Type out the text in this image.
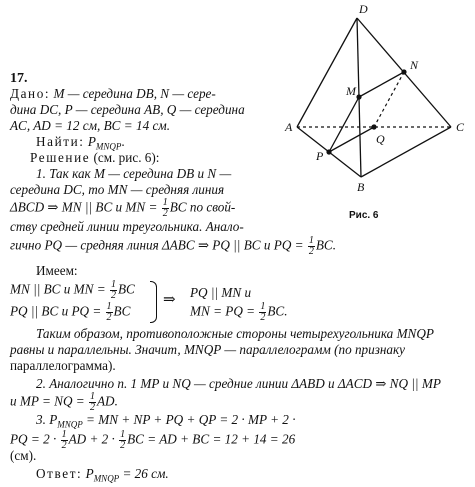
D
N
M
A
Q
C
P
B
Рис. 6
17.
Дано: M — середина DB, N — сере-
дина DC, P — середина AB, Q — середина
AC, AD = 12 см, BC = 14 см.
Найти: $P_{MNQP}$.
Решение (см. рис. 6):
1. Так как M — середина DB и N —
середина DC, то MN — средняя линия
ΔBCD ⇒ MN || BC и MN = $\frac{1}{2}$ BC по свой-
ству средней линии треугольника. Анало-
гично PQ — средняя линия ΔABC ⇒ PQ || BC и PQ = $\frac{1}{2}$ BC.
Имеем:
MN || BC и MN = $\frac{1}{2}$ BC
PQ || BC и PQ = $\frac{1}{2}$ BC
⇒ PQ || MN и
MN = PQ = $\frac{1}{2}$ BC.
Таким образом, противоположные стороны четырехугольника MNQP
равны и параллельны. Значит, MNQP — параллелограмм (по признаку
параллелограмма).
2. Аналогично п. 1 MP и NQ — средние линии ΔABD и ΔACD ⇒ NQ || MP
и MP = NQ = $\frac{1}{2}$ AD.
3. $P_{MNQP}$ = MN + NP + PQ + QP = 2 · MP + 2 ·
PQ = $2 \cdot \frac{1}{2}$ AD + $2 \cdot \frac{1}{2}$ BC = AD + BC = 12 + 14 = 26
(см).
Ответ: $P_{MNQP} = 26$ см.
